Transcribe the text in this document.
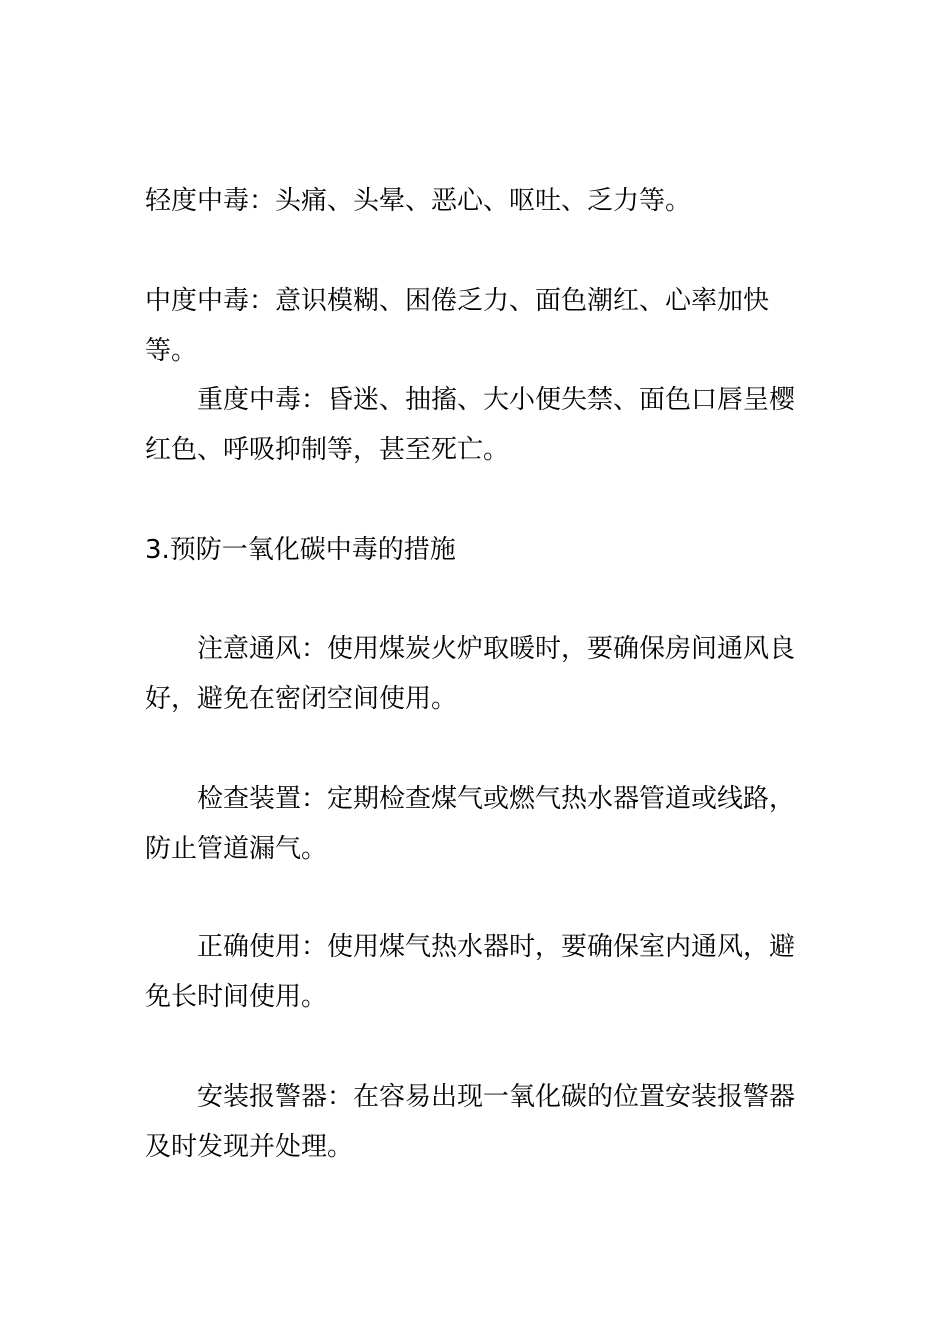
轻度中毒：头痛、头晕、恶心、呕吐、乏力等。

中度中毒：意识模糊、困倦乏力、面色潮红、心率加快等。

重度中毒：昏迷、抽搐、大小便失禁、面色口唇呈樱红色、呼吸抑制等，甚至死亡。

3.预防一氧化碳中毒的措施

注意通风：使用煤炭火炉取暖时，要确保房间通风良好，避免在密闭空间使用。

检查装置：定期检查煤气或燃气热水器管道或线路，防止管道漏气。

正确使用：使用煤气热水器时，要确保室内通风，避免长时间使用。

安装报警器：在容易出现一氧化碳的位置安装报警器及时发现并处理。
